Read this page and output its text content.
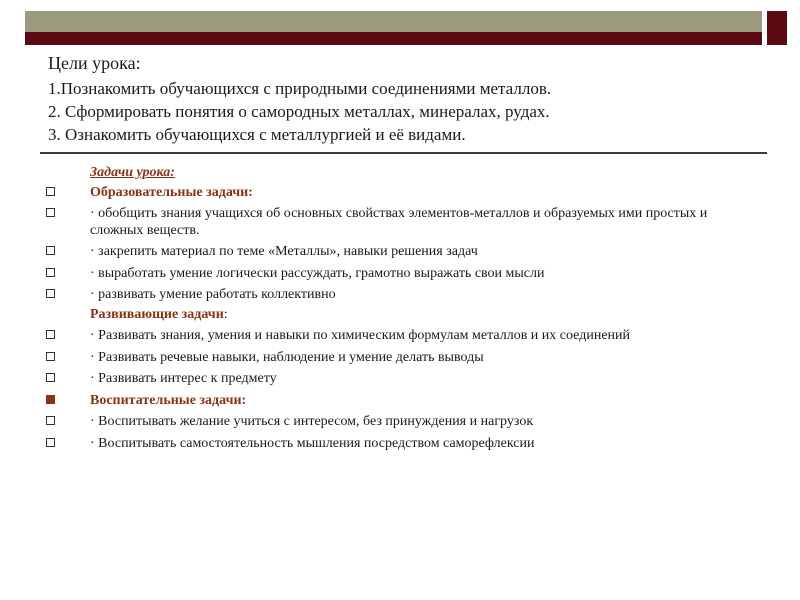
Цели урока:
1.Познакомить обучающихся с природными соединениями металлов.
2. Сформировать понятия о самородных металлах, минералах, рудах.
3. Ознакомить обучающихся с металлургией и её видами.
Задачи урока:
Образовательные задачи:
· обобщить знания учащихся об основных свойствах элементов-металлов и образуемых ими простых и сложных веществ.
· закрепить материал по теме «Металлы», навыки решения задач
· выработать умение логически рассуждать, грамотно выражать свои мысли
· развивать умение работать коллективно
Развивающие задачи:
· Развивать знания, умения и навыки по химическим формулам металлов и их соединений
· Развивать речевые навыки, наблюдение и умение делать выводы
· Развивать интерес к предмету
Воспитательные задачи:
· Воспитывать желание учиться с интересом, без принуждения и нагрузок
· Воспитывать самостоятельность мышления посредством саморефлексии
